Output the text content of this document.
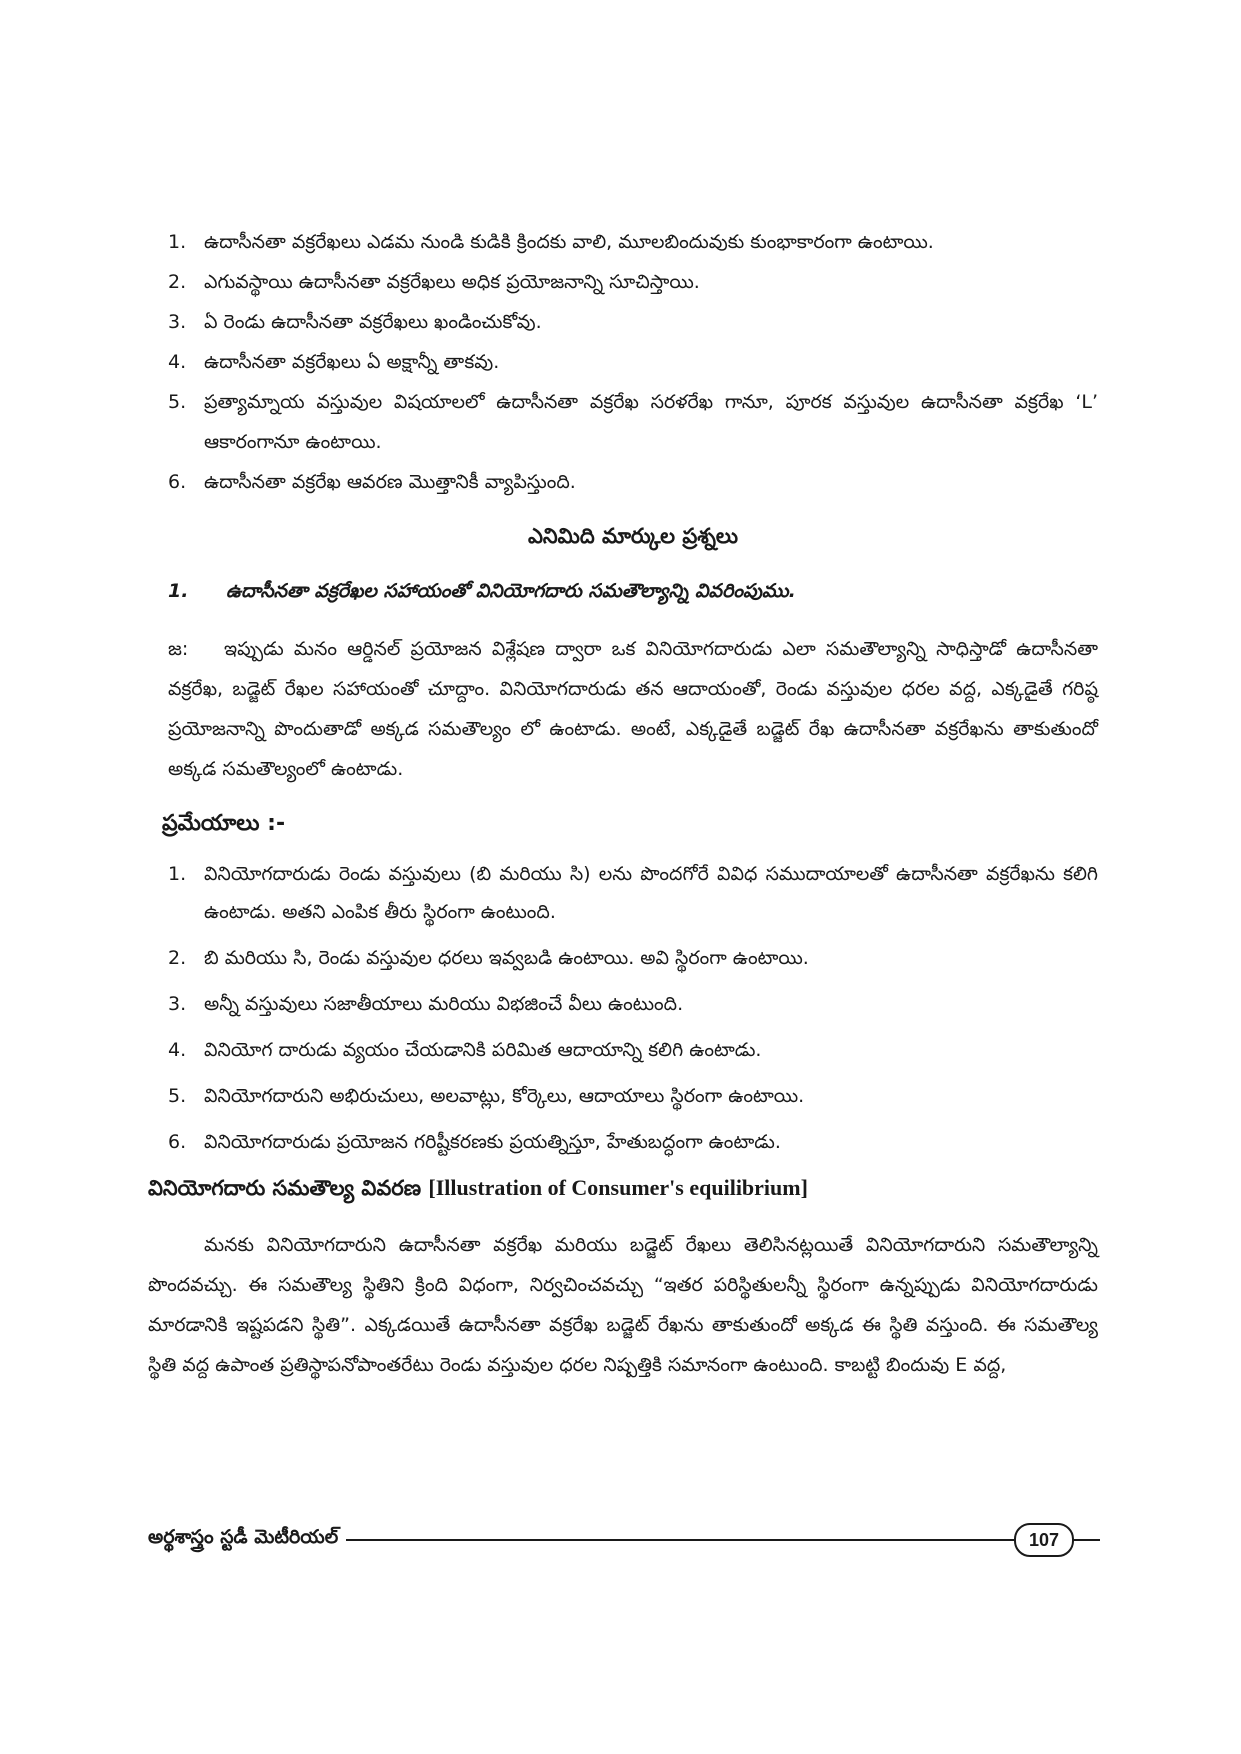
1. ఉదాసీనతా వక్రరేఖలు ఎడమ నుండి కుడికి క్రిందకు వాలి, మూలబిందువుకు కుంభాకారంగా ఉంటాయి.
2. ఎగువస్థాయి ఉదాసీనతా వక్రరేఖలు అధిక ప్రయోజనాన్ని సూచిస్తాయి.
3. ఏ రెండు ఉదాసీనతా వక్రరేఖలు ఖండించుకోవు.
4. ఉదాసీనతా వక్రరేఖలు ఏ అక్షాన్నీ తాకవు.
5. ప్రత్యామ్నాయ వస్తువుల విషయాలలో ఉదాసీనతా వక్రరేఖ సరళరేఖ గానూ, పూరక వస్తువుల ఉదాసీనతా వక్రరేఖ ‘L’ ఆకారంగానూ ఉంటాయి.
6. ఉదాసీనతా వక్రరేఖ ఆవరణ మొత్తానికీ వ్యాపిస్తుంది.
ఎనిమిది మార్కుల ప్రశ్నలు
1.	ఉదాసీనతా వక్రరేఖల సహాయంతో వినియోగదారు సమతౌల్యాన్ని వివరింపుము.
జ: ఇప్పుడు మనం ఆర్డినల్ ప్రయోజన విశ్లేషణ ద్వారా ఒక వినియోగదారుడు ఎలా సమతౌల్యాన్ని సాధిస్తాడో ఉదాసీనతా వక్రరేఖ, బడ్జెట్ రేఖల సహాయంతో చూద్దాం. వినియోగదారుడు తన ఆదాయంతో, రెండు వస్తువుల ధరల వద్ద, ఎక్కడైతే గరిష్ఠ ప్రయోజనాన్ని పొందుతాడో అక్కడ సమతౌల్యం లో ఉంటాడు. అంటే, ఎక్కడైతే బడ్జెట్ రేఖ ఉదాసీనతా వక్రరేఖను తాకుతుందో అక్కడ సమతౌల్యంలో ఉంటాడు.
ప్రమేయాలు :-
1. వినియోగదారుడు రెండు వస్తువులు (బి మరియు సి) లను పొందగోరే వివిధ సముదాయాలతో ఉదాసీనతా వక్రరేఖను కలిగి ఉంటాడు. అతని ఎంపిక తీరు స్థిరంగా ఉంటుంది.
2. బి మరియు సి, రెండు వస్తువుల ధరలు ఇవ్వబడి ఉంటాయి. అవి స్థిరంగా ఉంటాయి.
3. అన్నీ వస్తువులు సజాతీయాలు మరియు విభజించే వీలు ఉంటుంది.
4. వినియోగ దారుడు వ్యయం చేయడానికి పరిమిత ఆదాయాన్ని కలిగి ఉంటాడు.
5. వినియోగదారుని అభిరుచులు, అలవాట్లు, కోర్కెలు, ఆదాయాలు స్థిరంగా ఉంటాయి.
6. వినియోగదారుడు ప్రయోజన గరిష్టీకరణకు ప్రయత్నిస్తూ, హేతుబద్ధంగా ఉంటాడు.
వినియోగదారు సమతౌల్య వివరణ [Illustration of Consumer's equilibrium]

మనకు వినియోగదారుని ఉదాసీనతా వక్రరేఖ మరియు బడ్జెట్ రేఖలు తెలిసినట్లయితే వినియోగదారుని సమతౌల్యాన్ని పొందవచ్చు. ఈ సమతౌల్య స్థితిని క్రింది విధంగా, నిర్వచించవచ్చు “ఇతర పరిస్థితులన్నీ స్థిరంగా ఉన్నప్పుడు వినియోగదారుడు మారడానికి ఇష్టపడని స్థితి”. ఎక్కడయితే ఉదాసీనతా వక్రరేఖ బడ్జెట్ రేఖను తాకుతుందో అక్కడ ఈ స్థితి వస్తుంది. ఈ సమతౌల్య స్థితి వద్ద ఉపాంత ప్రతిస్థాపనోపాంతరేటు రెండు వస్తువుల ధరల నిష్పత్తికి సమానంగా ఉంటుంది. కాబట్టి బిందువు E వద్ద,

అర్థశాస్త్రం స్టడీ మెటీరియల్	107
